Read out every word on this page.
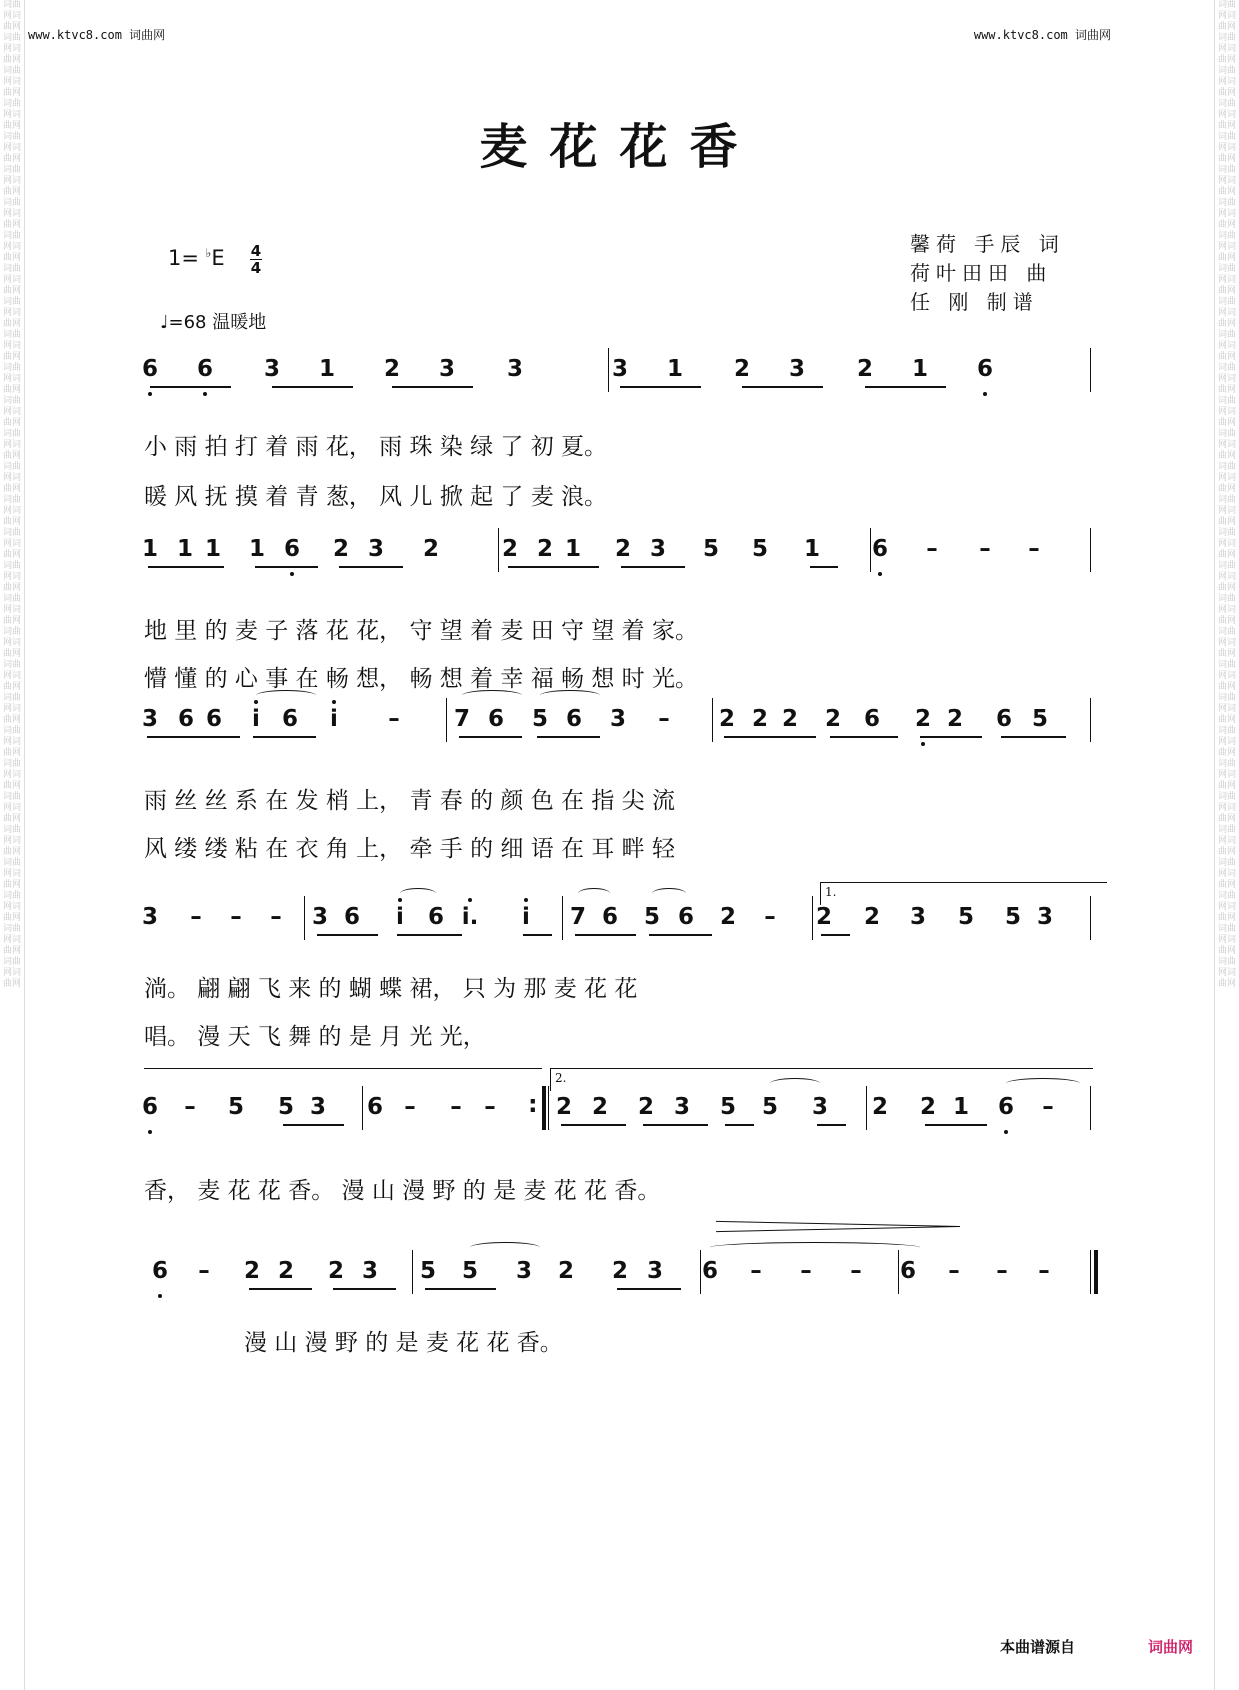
词曲网词曲网词曲网词曲网词曲网词曲网词曲网词曲网词曲网词曲网词曲网词曲网词曲网词曲网词曲网词曲网词曲网词曲网词曲网词曲网词曲网词曲网词曲网词曲网词曲网词曲网词曲网词曲网词曲网词曲网词曲网词曲网词曲网词曲网词曲网词曲网词曲网词曲网词曲网词曲网词曲网词曲网词曲网词曲网词曲网词曲网词曲网词曲网词曲网词曲网词曲网词曲网词曲网词曲网词曲网词曲网词曲网词曲网词曲网词曲网
词曲网词曲网词曲网词曲网词曲网词曲网词曲网词曲网词曲网词曲网词曲网词曲网词曲网词曲网词曲网词曲网词曲网词曲网词曲网词曲网词曲网词曲网词曲网词曲网词曲网词曲网词曲网词曲网词曲网词曲网词曲网词曲网词曲网词曲网词曲网词曲网词曲网词曲网词曲网词曲网词曲网词曲网词曲网词曲网词曲网词曲网词曲网词曲网词曲网词曲网词曲网词曲网词曲网词曲网词曲网词曲网词曲网词曲网词曲网词曲网
www.ktvc8.com 词曲网	www.ktvc8.com 词曲网
麦花花香
馨荷 手辰 词
荷叶田田 曲
任 刚 制谱
1= ♭E 4
4
♩=68 温暖地
6 6 3 1 2 3 3	3 1 2 3 2 1 6
小 雨 拍 打 着 雨 花， 雨 珠 染 绿 了 初 夏。
暖 风 抚 摸 着 青 葱， 风 儿 掀 起 了 麦 浪。
1 1 1 1 6 2 3 2	2 2 1 2 3 5 5 1 6	–	–	–
地 里 的 麦 子 落 花 花， 守 望 着 麦 田 守 望 着 家。
懵 懂 的 心 事 在 畅 想， 畅 想 着 幸 福 畅 想 时 光。
3 6 6	i 6	i	–	7 6 5 6 3	–	2 2 2 2 6 2 2 6 5
雨 丝 丝 系 在 发 梢 上， 青 春 的 颜 色 在 指 尖 流
风 缕 缕 粘 在 衣 角 上， 牵 手 的 细 语 在 耳 畔 轻
1.
3	–	–	–	3 6	i	6 i.	i	7 6 5 6 2	–	2 2 3 5 5 3
淌。 翩 翩 飞 来 的 蝴 蝶 裙， 只 为 那 麦 花 花
唱。 漫 天 飞 舞 的 是 月 光 光，
2.
6	–	5 5 3 6 –	– –	2 2 2 3 5 5 3 2 2 1 6	–
:
香， 麦 花 花 香。 漫 山 漫 野 的 是 麦 花 花 香。
6	–	2 2 2 3 5 5 3 2 2 3 6	–	–	–	6	–	–	–
漫 山 漫 野 的 是 麦 花 花 香。
本曲谱源自	词曲网
